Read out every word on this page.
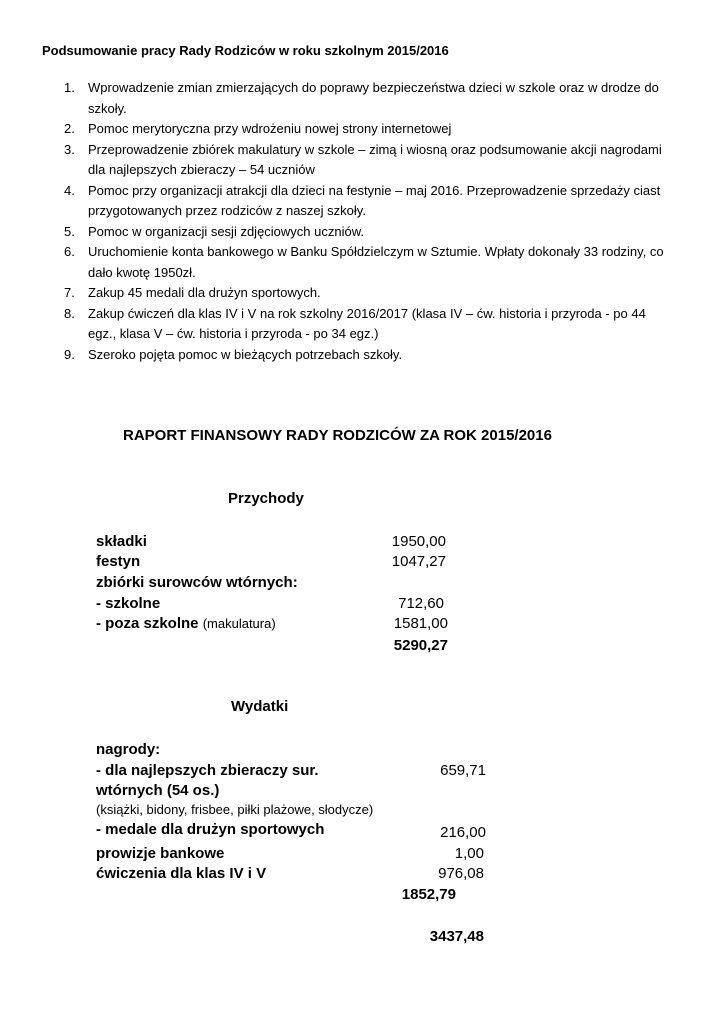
Podsumowanie pracy Rady Rodziców w roku szkolnym 2015/2016
1. Wprowadzenie zmian zmierzających do poprawy bezpieczeństwa dzieci w szkole oraz w drodze do
szkoły.
2. Pomoc merytoryczna przy wdrożeniu nowej strony internetowej
3. Przeprowadzenie zbiórek makulatury w szkole – zimą i wiosną oraz podsumowanie akcji nagrodami
dla najlepszych zbieraczy – 54 uczniów
4. Pomoc przy organizacji atrakcji dla dzieci na festynie – maj 2016. Przeprowadzenie sprzedaży ciast
przygotowanych przez rodziców z naszej szkoły.
5. Pomoc w organizacji sesji zdjęciowych uczniów.
6. Uruchomienie konta bankowego w Banku Spółdzielczym w Sztumie. Wpłaty dokonały 33 rodziny, co
dało kwotę 1950zł.
7. Zakup 45 medali dla drużyn sportowych.
8. Zakup ćwiczeń dla klas IV i V na rok szkolny 2016/2017 (klasa IV – ćw. historia i przyroda - po 44
egz., klasa V – ćw. historia i przyroda - po 34 egz.)
9. Szeroko pojęta pomoc w bieżących potrzebach szkoły.
RAPORT FINANSOWY RADY RODZICÓW ZA ROK 2015/2016
Przychody
składki	1950,00
festyn	1047,27
zbiórki surowców wtórnych:
- szkolne	712,60
- poza szkolne (makulatura)	1581,00
5290,27
Wydatki
nagrody:
- dla najlepszych zbieraczy sur.	659,71
wtórnych (54 os.)
(książki, bidony, frisbee, piłki plażowe, słodycze)
- medale dla drużyn sportowych	216,00
prowizje bankowe	1,00
ćwiczenia dla klas IV i V	976,08
1852,79
3437,48
